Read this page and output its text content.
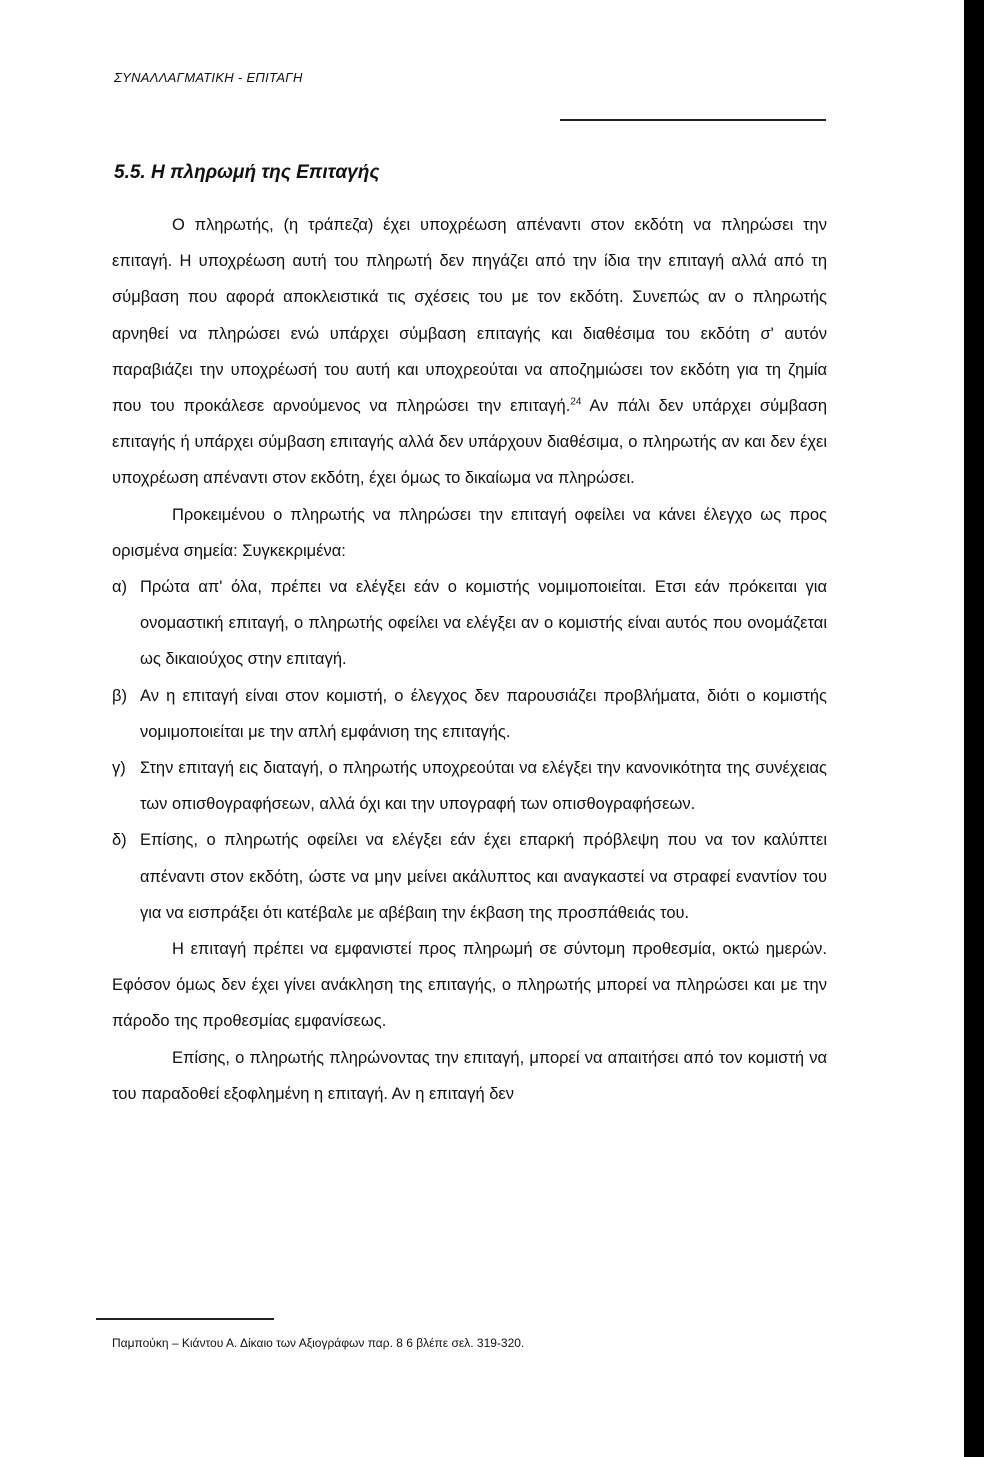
ΣΥΝΑΛΛΑΓΜΑΤΙΚΗ - ΕΠΙΤΑΓΗ
5.5. Η πληρωμή της Επιταγής

Ο πληρωτής, (η τράπεζα) έχει υποχρέωση απέναντι στον εκδότη να πληρώσει την επιταγή. Η υποχρέωση αυτή του πληρωτή δεν πηγάζει από την ίδια την επιταγή αλλά από τη σύμβαση που αφορά αποκλειστικά τις σχέσεις του με τον εκδότη. Συνεπώς αν ο πληρωτής αρνηθεί να πληρώσει ενώ υπάρχει σύμβαση επιταγής και διαθέσιμα του εκδότη σ' αυτόν παραβιάζει την υποχρέωσή του αυτή και υποχρεούται να αποζημιώσει τον εκδότη για τη ζημία που του προκάλεσε αρνούμενος να πληρώσει την επιταγή.$^{24}$ Αν πάλι δεν υπάρχει σύμβαση επιταγής ή υπάρχει σύμβαση επιταγής αλλά δεν υπάρχουν διαθέσιμα, ο πληρωτής αν και δεν έχει υποχρέωση απέναντι στον εκδότη, έχει όμως το δικαίωμα να πληρώσει.

Προκειμένου ο πληρωτής να πληρώσει την επιταγή οφείλει να κάνει έλεγχο ως προς ορισμένα σημεία: Συγκεκριμένα:

α) Πρώτα απ' όλα, πρέπει να ελέγξει εάν ο κομιστής νομιμοποιείται. Ετσι εάν πρόκειται για ονομαστική επιταγή, ο πληρωτής οφείλει να ελέγξει αν ο κομιστής είναι αυτός που ονομάζεται ως δικαιούχος στην επιταγή.
β) Αν η επιταγή είναι στον κομιστή, ο έλεγχος δεν παρουσιάζει προβλήματα, διότι ο κομιστής νομιμοποιείται με την απλή εμφάνιση της επιταγής.
γ) Στην επιταγή εις διαταγή, ο πληρωτής υποχρεούται να ελέγξει την κανονικότητα της συνέχειας των οπισθογραφήσεων, αλλά όχι και την υπογραφή των οπισθογραφήσεων.
δ) Επίσης, ο πληρωτής οφείλει να ελέγξει εάν έχει επαρκή πρόβλεψη που να τον καλύπτει απέναντι στον εκδότη, ώστε να μην μείνει ακάλυπτος και αναγκαστεί να στραφεί εναντίον του για να εισπράξει ότι κατέβαλε με αβέβαιη την έκβαση της προσπάθειάς του.

Η επιταγή πρέπει να εμφανιστεί προς πληρωμή σε σύντομη προθεσμία, οκτώ ημερών. Εφόσον όμως δεν έχει γίνει ανάκληση της επιταγής, ο πληρωτής μπορεί να πληρώσει και με την πάροδο της προθεσμίας εμφανίσεως.

Επίσης, ο πληρωτής πληρώνοντας την επιταγή, μπορεί να απαιτήσει από τον κομιστή να του παραδοθεί εξοφλημένη η επιταγή. Αν η επιταγή δεν

Παμπούκη – Κιάντου Α. Δίκαιο των Αξιογράφων παρ. 8 6 βλέπε σελ. 319-320.
